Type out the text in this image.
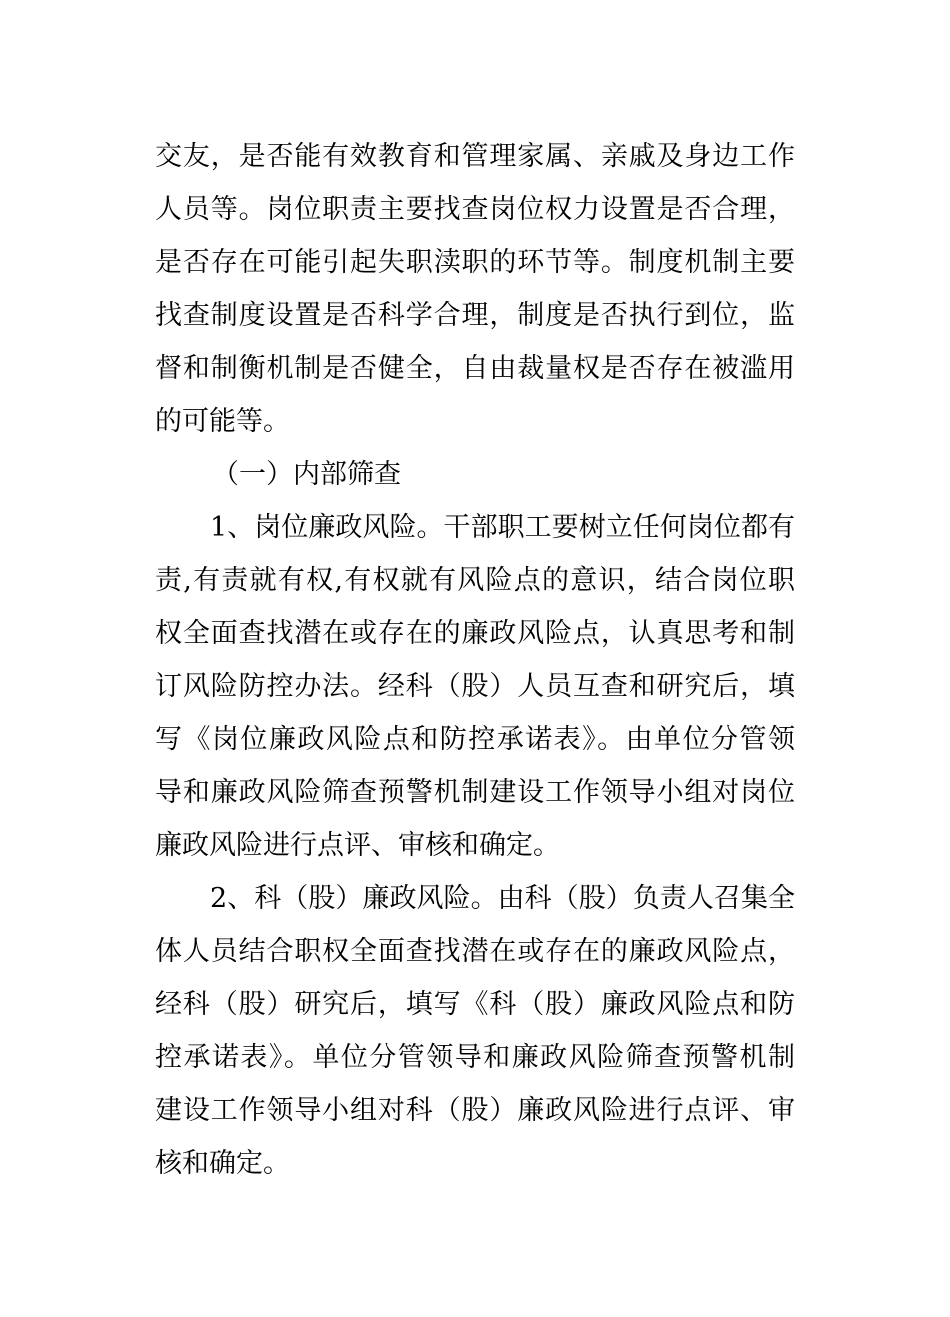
交友，是否能有效教育和管理家属、亲戚及身边工作
人员等。岗位职责主要找查岗位权力设置是否合理，
是否存在可能引起失职渎职的环节等。制度机制主要
找查制度设置是否科学合理，制度是否执行到位，监
督和制衡机制是否健全，自由裁量权是否存在被滥用
的可能等。
（一）内部筛查
1、岗位廉政风险。干部职工要树立任何岗位都有
责,有责就有权,有权就有风险点的意识，结合岗位职
权全面查找潜在或存在的廉政风险点，认真思考和制
订风险防控办法。经科（股）人员互查和研究后，填
写《岗位廉政风险点和防控承诺表》。由单位分管领
导和廉政风险筛查预警机制建设工作领导小组对岗位
廉政风险进行点评、审核和确定。
2、科（股）廉政风险。由科（股）负责人召集全
体人员结合职权全面查找潜在或存在的廉政风险点，
经科（股）研究后，填写《科（股）廉政风险点和防
控承诺表》。单位分管领导和廉政风险筛查预警机制
建设工作领导小组对科（股）廉政风险进行点评、审
核和确定。
